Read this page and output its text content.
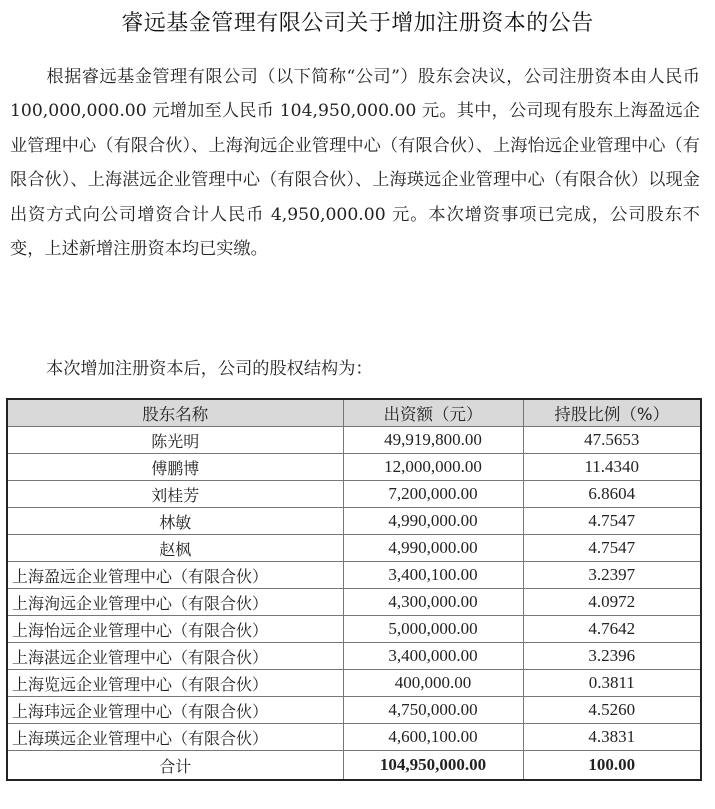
睿远基金管理有限公司关于增加注册资本的公告
根据睿远基金管理有限公司（以下简称“公司”）股东会决议，公司注册资本由人民币 100,000,000.00 元增加至人民币 104,950,000.00 元。其中，公司现有股东上海盈远企业管理中心（有限合伙）、上海洵远企业管理中心（有限合伙）、上海怡远企业管理中心（有限合伙）、上海湛远企业管理中心（有限合伙）、上海瑛远企业管理中心（有限合伙）以现金出资方式向公司增资合计人民币 4,950,000.00 元。本次增资事项已完成，公司股东不变，上述新增注册资本均已实缴。
本次增加注册资本后，公司的股权结构为：
股东名称	出资额（元）	持股比例（%）
陈光明	49,919,800.00	47.5653
傅鹏博	12,000,000.00	11.4340
刘桂芳	7,200,000.00	6.8604
林敏	4,990,000.00	4.7547
赵枫	4,990,000.00	4.7547
上海盈远企业管理中心（有限合伙）	3,400,100.00	3.2397
上海洵远企业管理中心（有限合伙）	4,300,000.00	4.0972
上海怡远企业管理中心（有限合伙）	5,000,000.00	4.7642
上海湛远企业管理中心（有限合伙）	3,400,000.00	3.2396
上海览远企业管理中心（有限合伙）	400,000.00	0.3811
上海玮远企业管理中心（有限合伙）	4,750,000.00	4.5260
上海瑛远企业管理中心（有限合伙）	4,600,100.00	4.3831
合计	104,950,000.00	100.00
